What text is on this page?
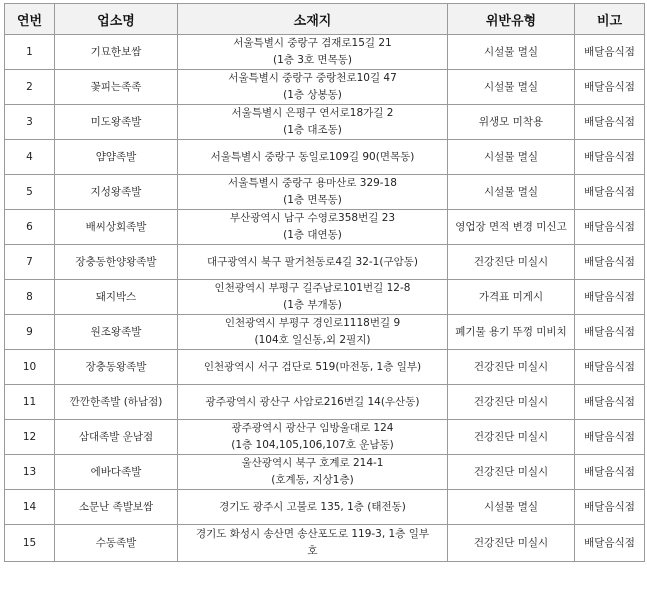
연번	업소명	소재지	위반유형	비고
1	기묘한보쌈	서울특별시 중랑구 겸재로15길 21
(1층 3호 면목동)	시설물 멸실	배달음식점
2	꽃피는족족	서울특별시 중랑구 중랑천로10길 47
(1층 상봉동)	시설물 멸실	배달음식점
3	미도왕족발	서울특별시 은평구 연서로18가길 2
(1층 대조동)	위생모 미착용	배달음식점
4	얌얌족발	서울특별시 중랑구 동일로109길 90(면목동)	시설물 멸실	배달음식점
5	지성왕족발	서울특별시 중랑구 용마산로 329-18
(1층 면목동)	시설물 멸실	배달음식점
6	배씨상회족발	부산광역시 남구 수영로358번길 23
(1층 대연동)	영업장 면적 변경 미신고	배달음식점
7	장충동한양왕족발	대구광역시 북구 팔거천동로4길 32-1(구암동)	건강진단 미실시	배달음식점
8	돼지박스	인천광역시 부평구 길주남로101번길 12-8
(1층 부개동)	가격표 미게시	배달음식점
9	원조왕족발	인천광역시 부평구 경인로1118번길 9
(104호 일신동,외 2필지)	폐기물 용기 뚜껑 미비치	배달음식점
10	장충동왕족발	인천광역시 서구 검단로 519(마전동, 1층 일부)	건강진단 미실시	배달음식점
11	깐깐한족발 (하남점)	광주광역시 광산구 사암로216번길 14(우산동)	건강진단 미실시	배달음식점
12	삼대족발 운남점	광주광역시 광산구 임방울대로 124
(1층 104,105,106,107호 운남동)	건강진단 미실시	배달음식점
13	에바다족발	울산광역시 북구 호계로 214-1
(호계동, 지상1층)	건강진단 미실시	배달음식점
14	소문난 족발보쌈	경기도 광주시 고불로 135, 1층 (태전동)	시설물 멸실	배달음식점
15	수동족발	경기도 화성시 송산면 송산포도로 119-3, 1층 일부
호	건강진단 미실시	배달음식점
